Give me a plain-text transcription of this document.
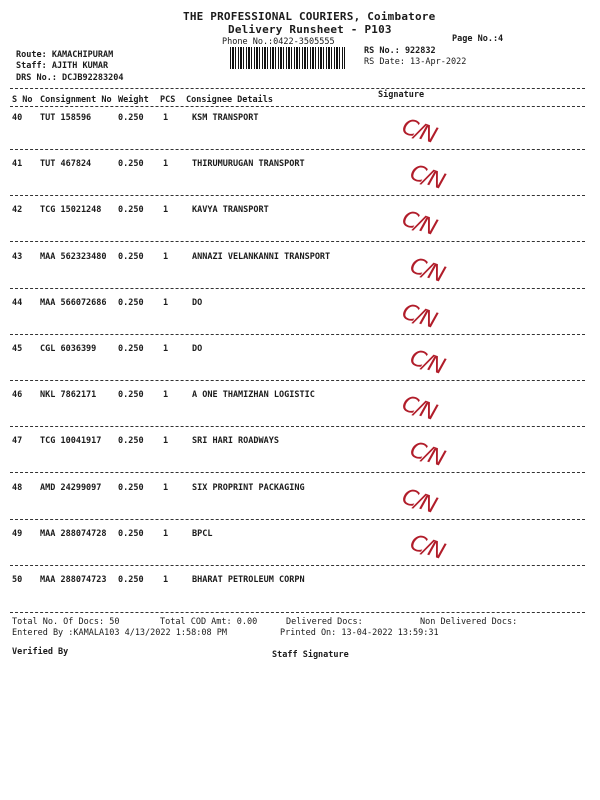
THE PROFESSIONAL COURIERS, Coimbatore
Delivery Runsheet - P103
Phone No.:0422-3505555	Page No.:4
Route: KAMACHIPURAM
Staff: AJITH KUMAR
DRS No.: DCJB92283204
RS No.: 922832
RS Date: 13-Apr-2022
S No Consignment No Weight PCS Consignee Details	Signature
40 TUT 158596	0.250 1	KSM TRANSPORT	C/N
41 TUT 467824	0.250 1	THIRUMURUGAN TRANSPORT	C/N
42 TCG 15021248 0.250 1	KAVYA TRANSPORT	C/N
43 MAA 562323480 0.250 1	ANNAZI VELANKANNI TRANSPORT	C/N
44 MAA 566072686 0.250 1	DO	C/N
45 CGL 6036399	0.250 1	DO	C/N
46 NKL 7862171	0.250 1	A ONE THAMIZHAN LOGISTIC	C/N
47 TCG 10041917 0.250 1	SRI HARI ROADWAYS	C/N
48 AMD 24299097 0.250 1	SIX PROPRINT PACKAGING	C/N
49 MAA 288074728 0.250 1	BPCL	C/N
50 MAA 288074723 0.250 1	BHARAT PETROLEUM CORPN
Total No. Of Docs: 50	Total COD Amt: 0.00	Delivered Docs:	Non Delivered Docs:
Entered By :KAMALA103 4/13/2022 1:58:08 PM	Printed On: 13-04-2022 13:59:31
Verified By	Staff Signature
